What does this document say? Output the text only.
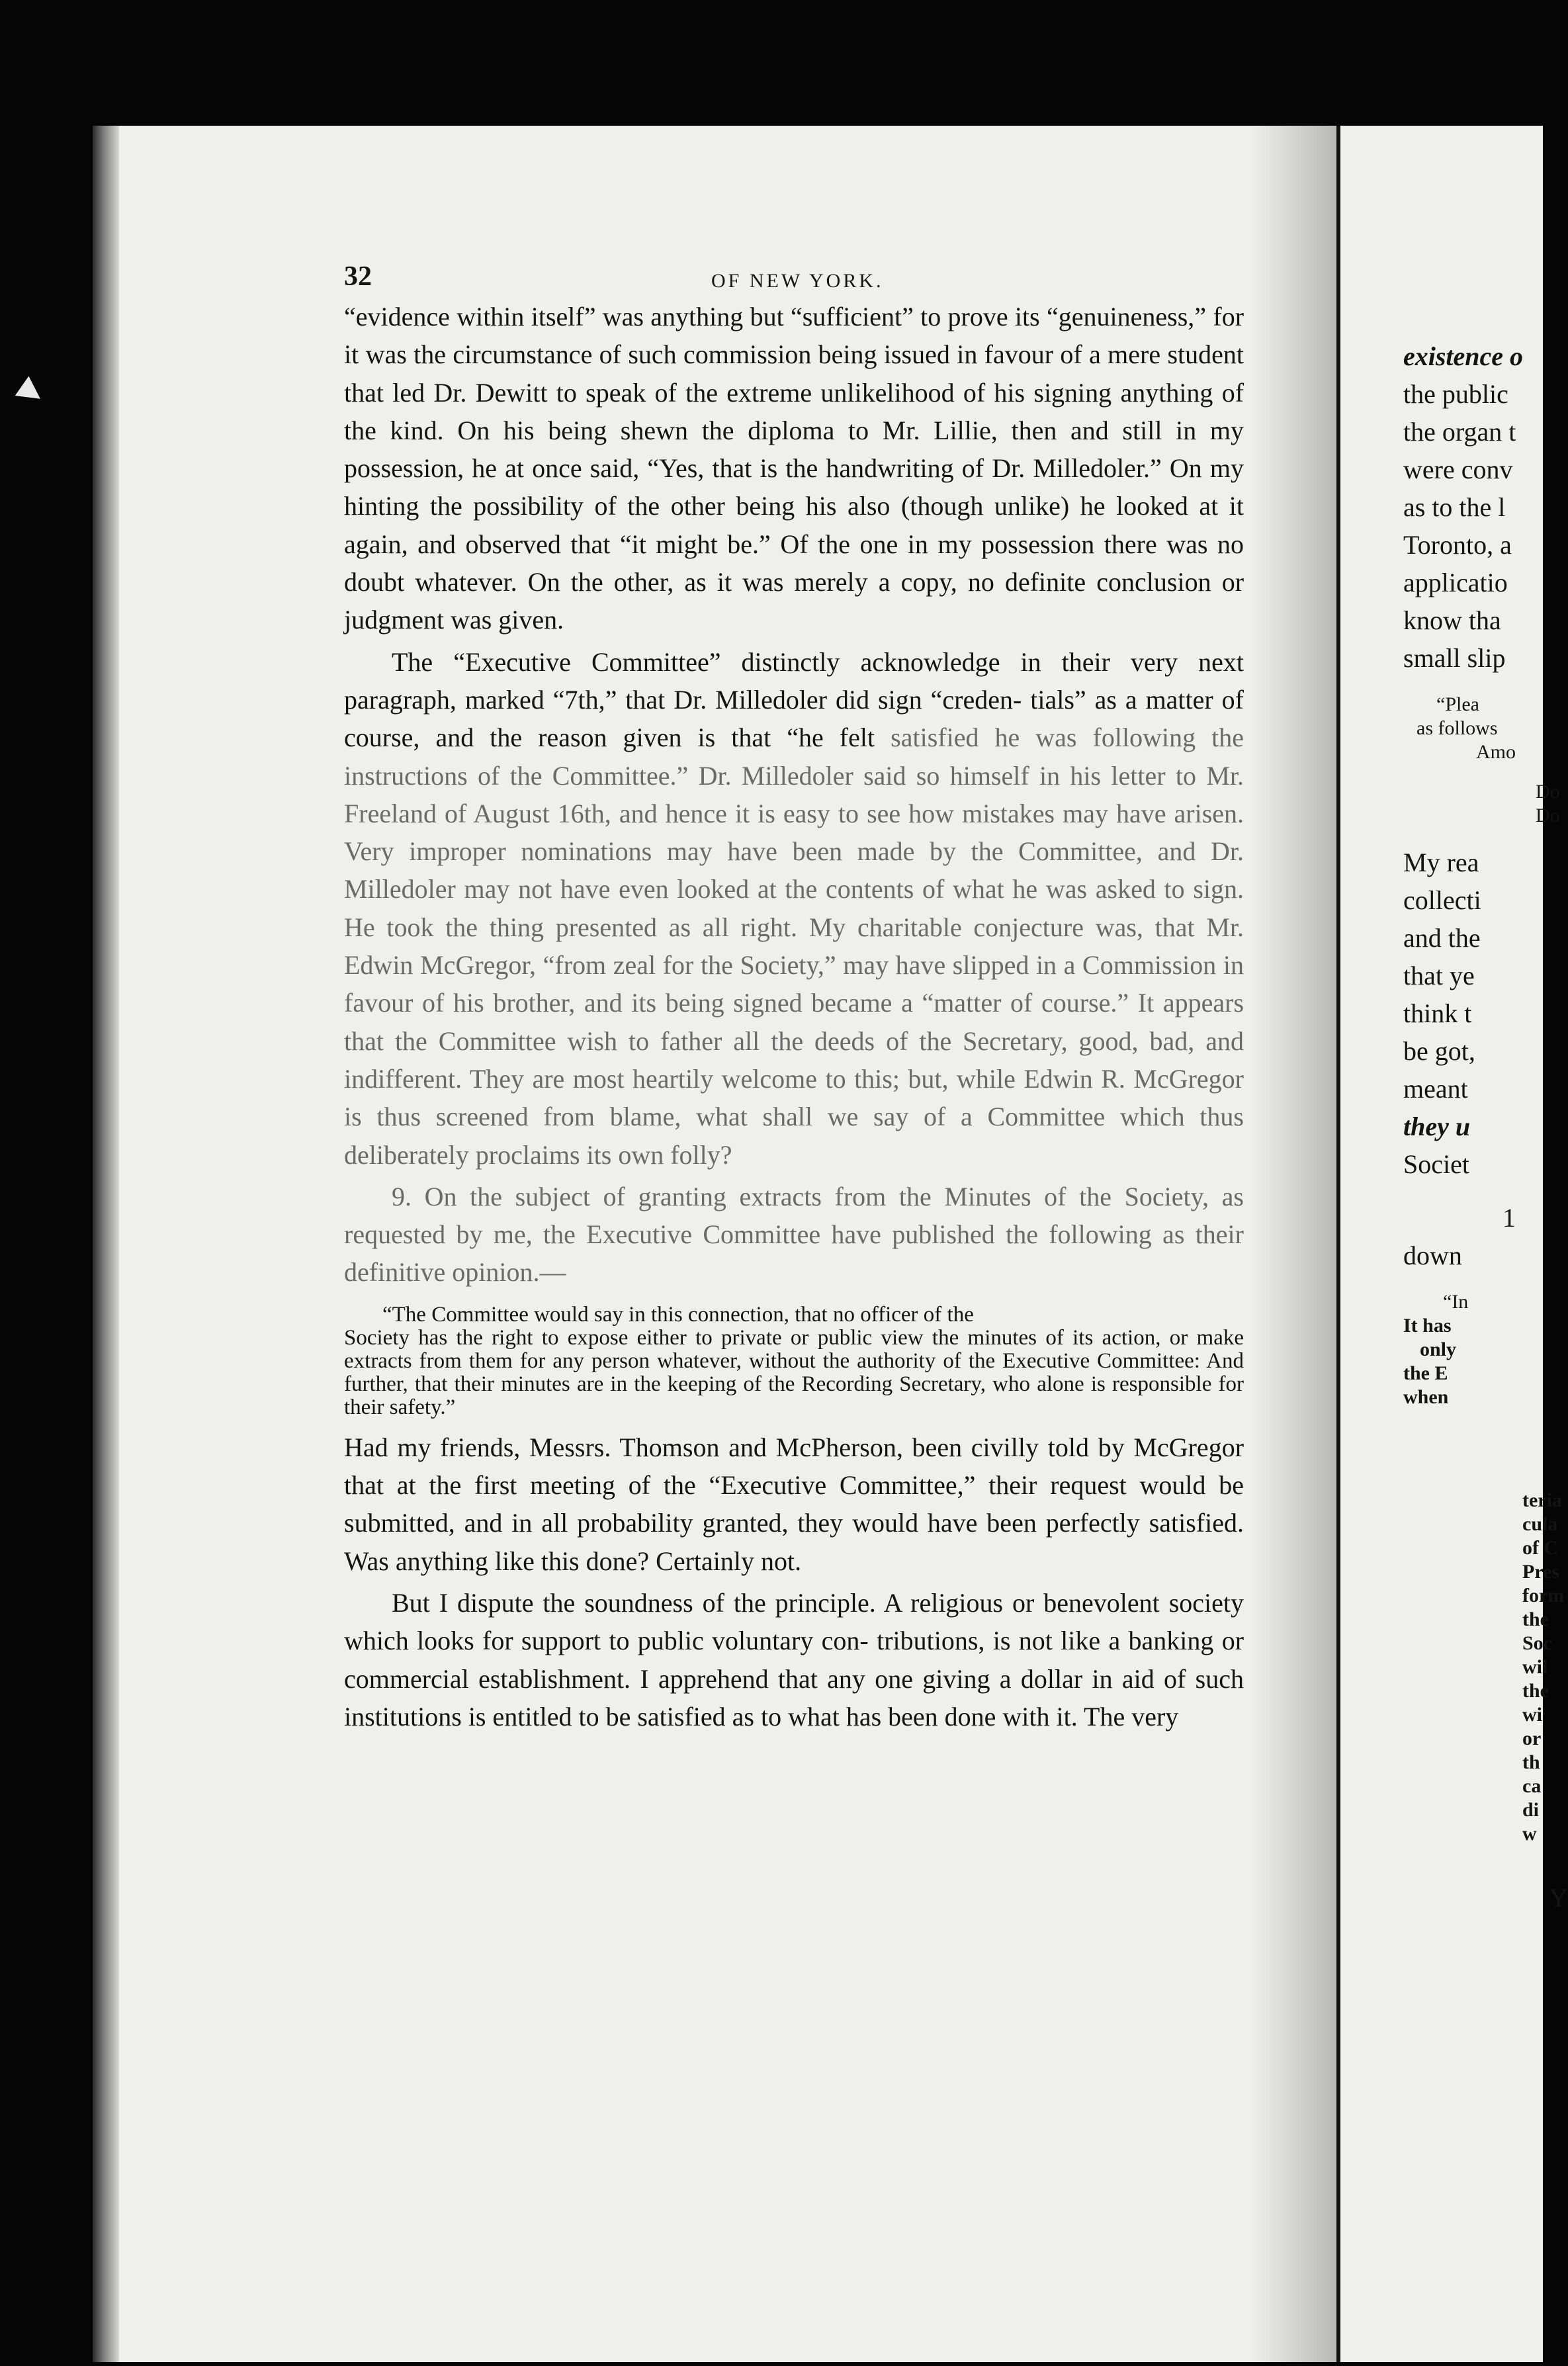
32	OF NEW YORK.

“evidence within itself” was anything but “sufficient” to prove its “genuineness,” for it was the circumstance of such commission being issued in favour of a mere student that led Dr. Dewitt to speak of the extreme unlikelihood of his signing anything of the kind. On his being shewn the diploma to Mr. Lillie, then and still in my possession, he at once said, “Yes, that is the handwriting of Dr. Milledoler.” On my hinting the possibility of the other being his also (though unlike) he looked at it again, and observed that “it might be.” Of the one in my possession there was no doubt whatever. On the other, as it was merely a copy, no definite conclusion or judgment was given.

The “Executive Committee” distinctly acknowledge in their very next paragraph, marked “7th,” that Dr. Milledoler did sign “creden- tials” as a matter of course, and the reason given is that “he felt satisfied he was following the instructions of the Committee.” Dr. Milledoler said so himself in his letter to Mr. Freeland of August 16th, and hence it is easy to see how mistakes may have arisen. Very improper nominations may have been made by the Committee, and Dr. Milledoler may not have even looked at the contents of what he was asked to sign. He took the thing presented as all right. My charitable conjecture was, that Mr. Edwin McGregor, “from zeal for the Society,” may have slipped in a Commission in favour of his brother, and its being signed became a “matter of course.” It appearsthat the Committee wish to father all the deeds of the Secretary, good, bad, and indifferent. They are most heartily welcome to this; but, while Edwin R. McGregor is thus screened from blame, what shall we say of a Committee which thus deliberately proclaims its own folly?

9. On the subject of granting extracts from the Minutes of the Society, as requested by me, the Executive Committee have published the following as their definitive opinion.—

“The Committee would say in this connection, that no officer of the
Society has the right to expose either to private or public view the minutes of its action, or make extracts from them for any person whatever, without the authority of the Executive Committee: And further, that their minutes are in the keeping of the Recording Secretary, who alone is responsible fortheir safety.”

Had my friends, Messrs. Thomson and McPherson, been civilly told by McGregor that at the first meeting of the “Executive Committee,” their request would be submitted, and in all probability granted, they would have been perfectly satisfied. Was anything like this done? Certainly not.

But I dispute the soundness of the principle. A religious or benevolent society which looks for support to public voluntary con- tributions, is not like a banking or commercial establishment. I apprehend that any one giving a dollar in aid of such institutions is entitled to be satisfied as to what has been done with it. The very

existence o
the public
the organ t
were conv
as to the l
Toronto, a
applicatio
know tha
small slip
“Plea
as follows
Amo
Do
Do
My rea
collecti
and the
that ye
think t
be got,
meant
they u
Societ
1
down
“In
It has
only
the E
when
teria
cula
of C
Pres
form
the
Soc
wil
the
wi
or
th
ca
di
w
Y
